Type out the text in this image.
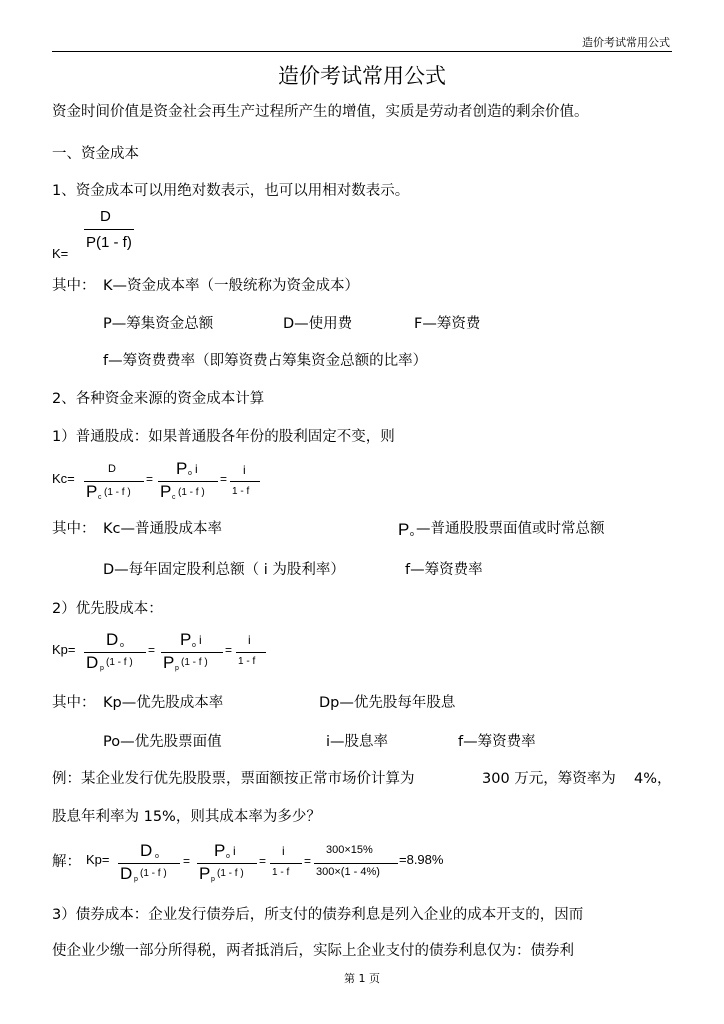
造价考试常用公式
造价考试常用公式
资金时间价值是资金社会再生产过程所产生的增值，实质是劳动者创造的剩余价值。
一、资金成本
1、资金成本可以用绝对数表示，也可以用相对数表示。
D
P(1 - f)
K=
其中： K—资金成本率（一般统称为资金成本）
P—筹集资金总额	D—使用费	F—筹资费
f—筹资费费率（即筹资费占筹集资金总额的比率）
2、各种资金来源的资金成本计算
1）普通股成：如果普通股各年份的股利固定不变，则
Kc=
D
P c (1 - f )
=
P o i
P c (1 - f )
=
i
1 - f
其中： Kc—普通股成本率	P o —普通股股票面值或时常总额
D—每年固定股利总额（ i 为股利率）	f—筹资费率
2）优先股成本：
Kp=
D o
D p
(1 - f )
=
P o i
P p
(1 - f )
=
i
1 - f
其中： Kp—优先股成本率	Dp—优先股每年股息
Po—优先股票面值	i—股息率	f—筹资费率
例：某企业发行优先股股票，票面额按正常市场价计算为	300 万元，筹资率为 4%，
股息年利率为 15%，则其成本率为多少？
解： Kp= D o
D p
(1 - f )
=
P o i
P p
(1 - f )
=
i
1 - f
=
300×15%
300×(1 - 4%)
=8.98%
3）债券成本：企业发行债券后，所支付的债券利息是列入企业的成本开支的，因而
使企业少缴一部分所得税，两者抵消后，实际上企业支付的债券利息仅为：债券利
第 1 页
